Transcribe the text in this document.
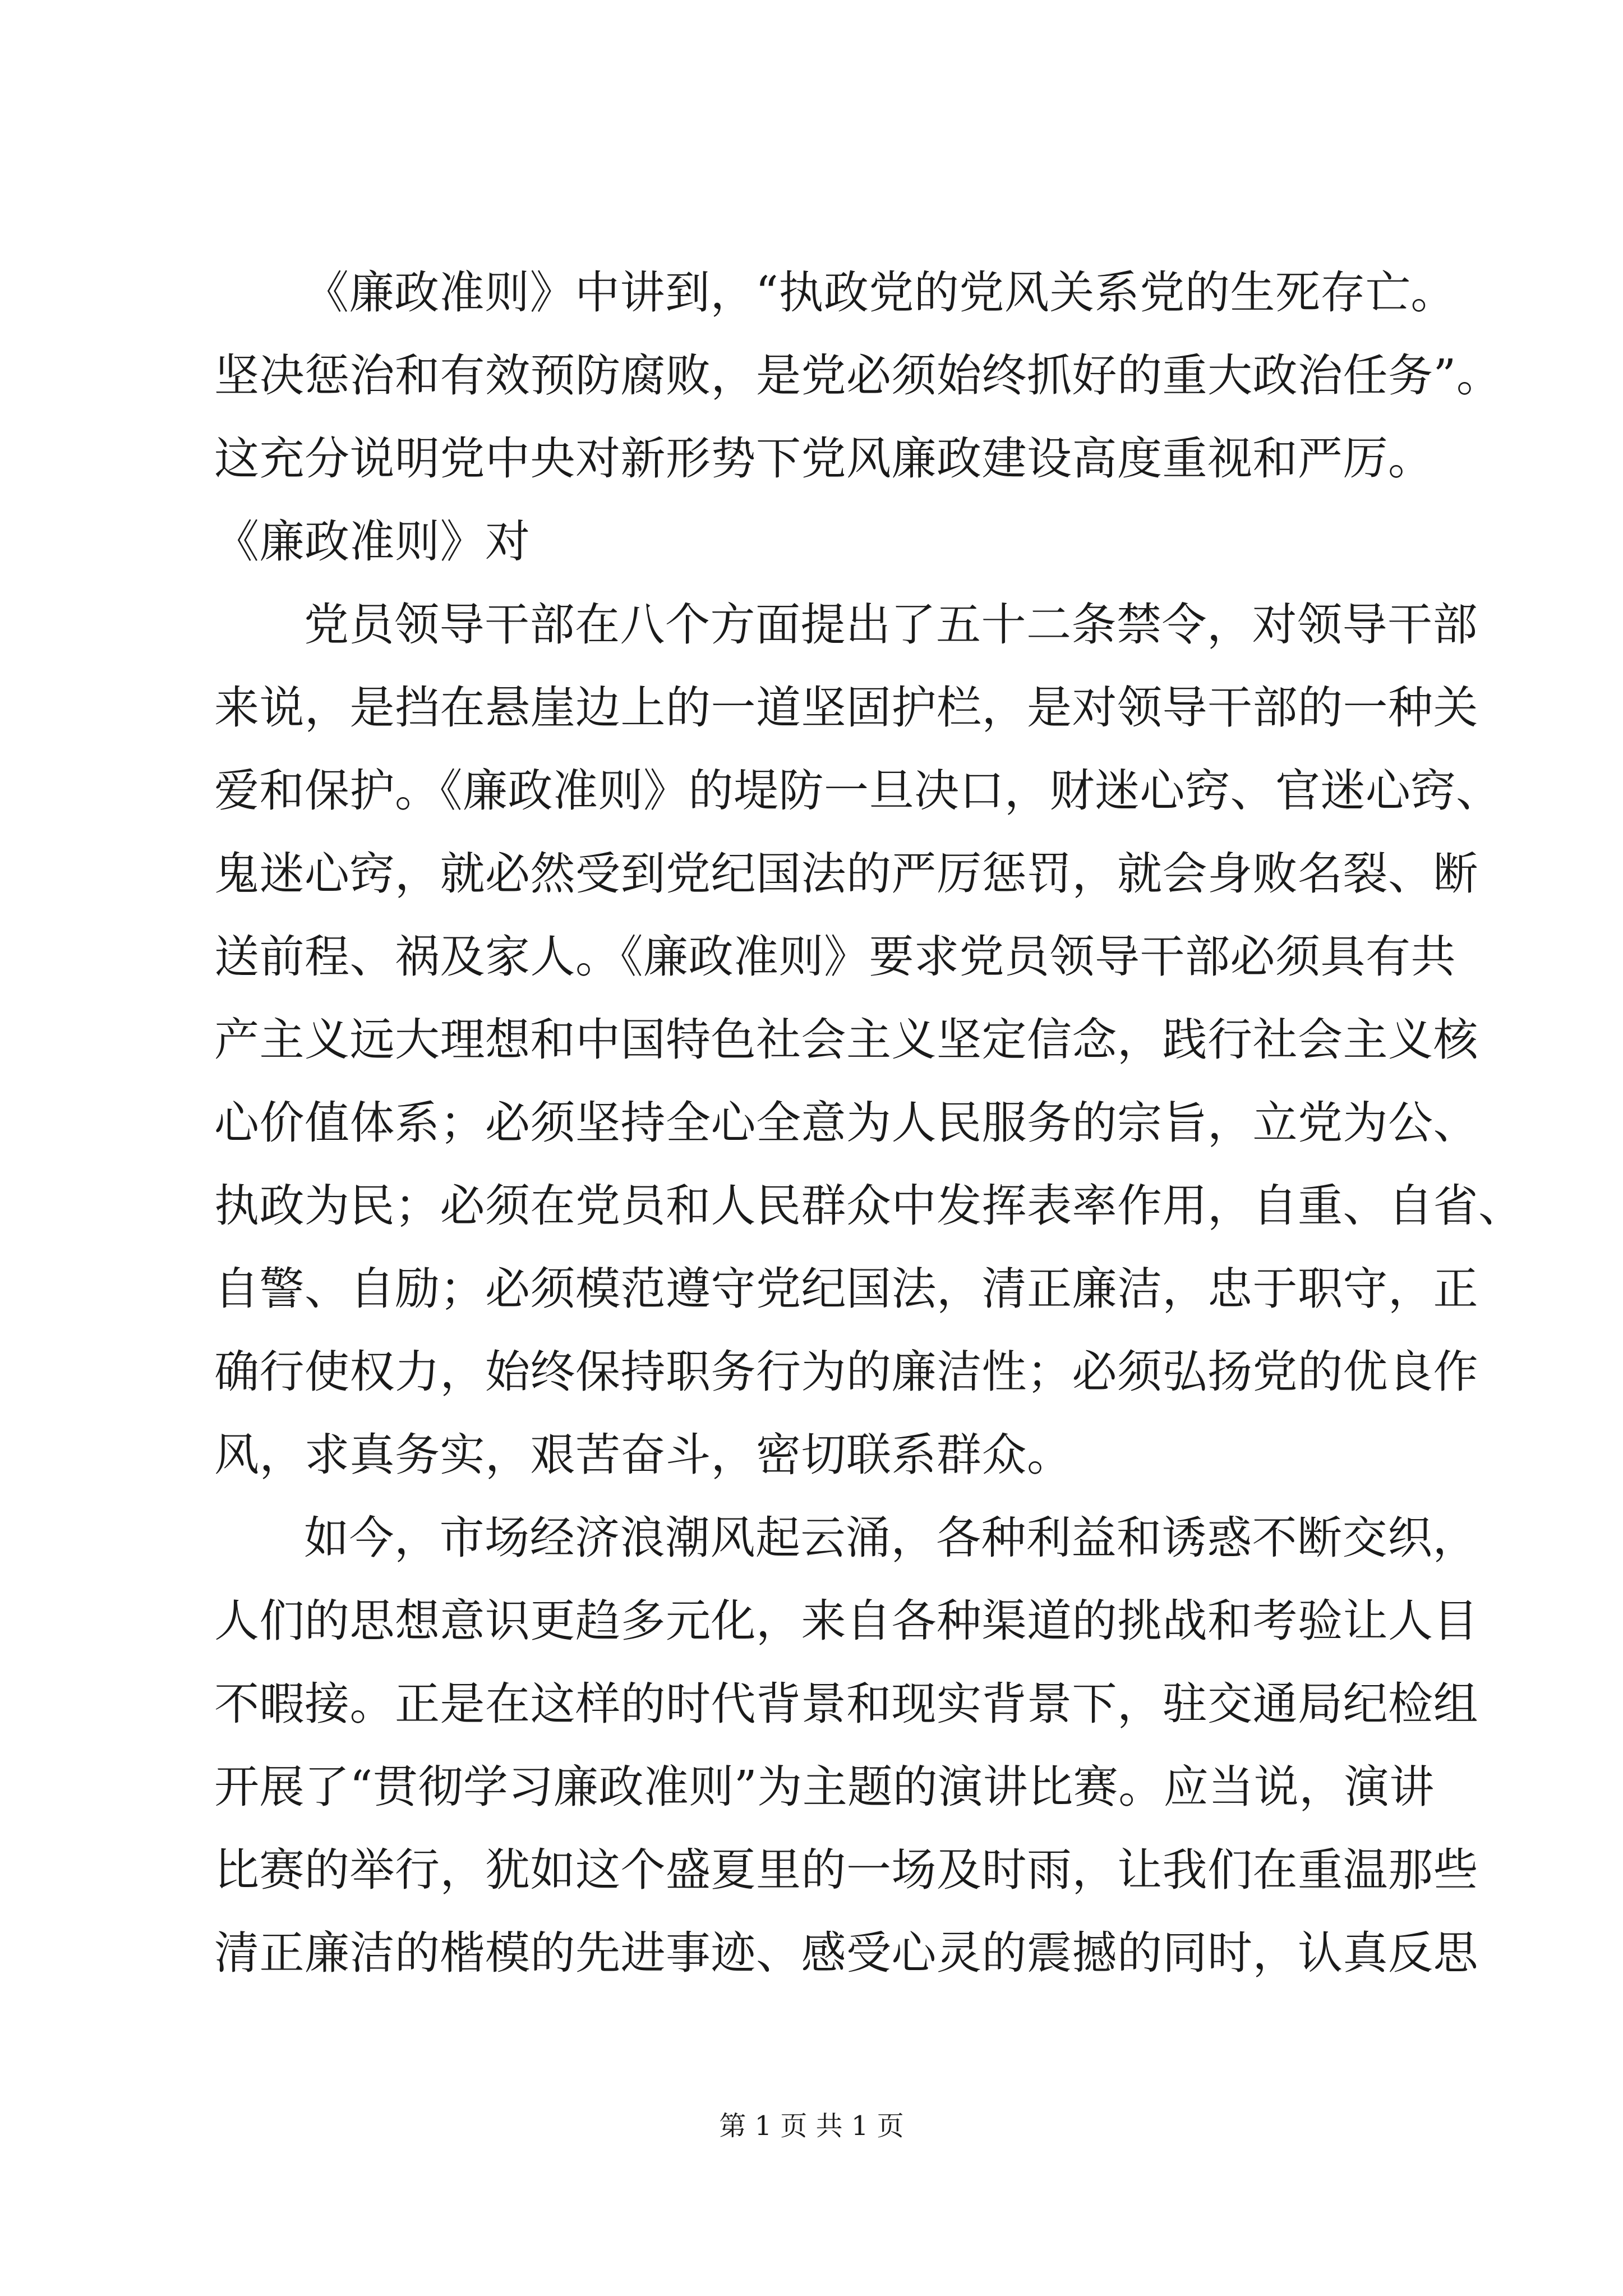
《廉政准则》中讲到，“执政党的党风关系党的生死存亡。
坚决惩治和有效预防腐败，是党必须始终抓好的重大政治任务”。
这充分说明党中央对新形势下党风廉政建设高度重视和严厉。
《廉政准则》对
党员领导干部在八个方面提出了五十二条禁令，对领导干部
来说，是挡在悬崖边上的一道坚固护栏，是对领导干部的一种关
爱和保护。《廉政准则》的堤防一旦决口，财迷心窍、官迷心窍、
鬼迷心窍，就必然受到党纪国法的严厉惩罚，就会身败名裂、断
送前程、祸及家人。《廉政准则》要求党员领导干部必须具有共
产主义远大理想和中国特色社会主义坚定信念，践行社会主义核
心价值体系；必须坚持全心全意为人民服务的宗旨，立党为公、
执政为民；必须在党员和人民群众中发挥表率作用，自重、自省、
自警、自励；必须模范遵守党纪国法，清正廉洁，忠于职守，正
确行使权力，始终保持职务行为的廉洁性；必须弘扬党的优良作
风，求真务实，艰苦奋斗，密切联系群众。
如今，市场经济浪潮风起云涌，各种利益和诱惑不断交织，
人们的思想意识更趋多元化，来自各种渠道的挑战和考验让人目
不暇接。正是在这样的时代背景和现实背景下，驻交通局纪检组
开展了“贯彻学习廉政准则”为主题的演讲比赛。应当说，演讲
比赛的举行，犹如这个盛夏里的一场及时雨，让我们在重温那些
清正廉洁的楷模的先进事迹、感受心灵的震撼的同时，认真反思
第 1 页 共 1 页
